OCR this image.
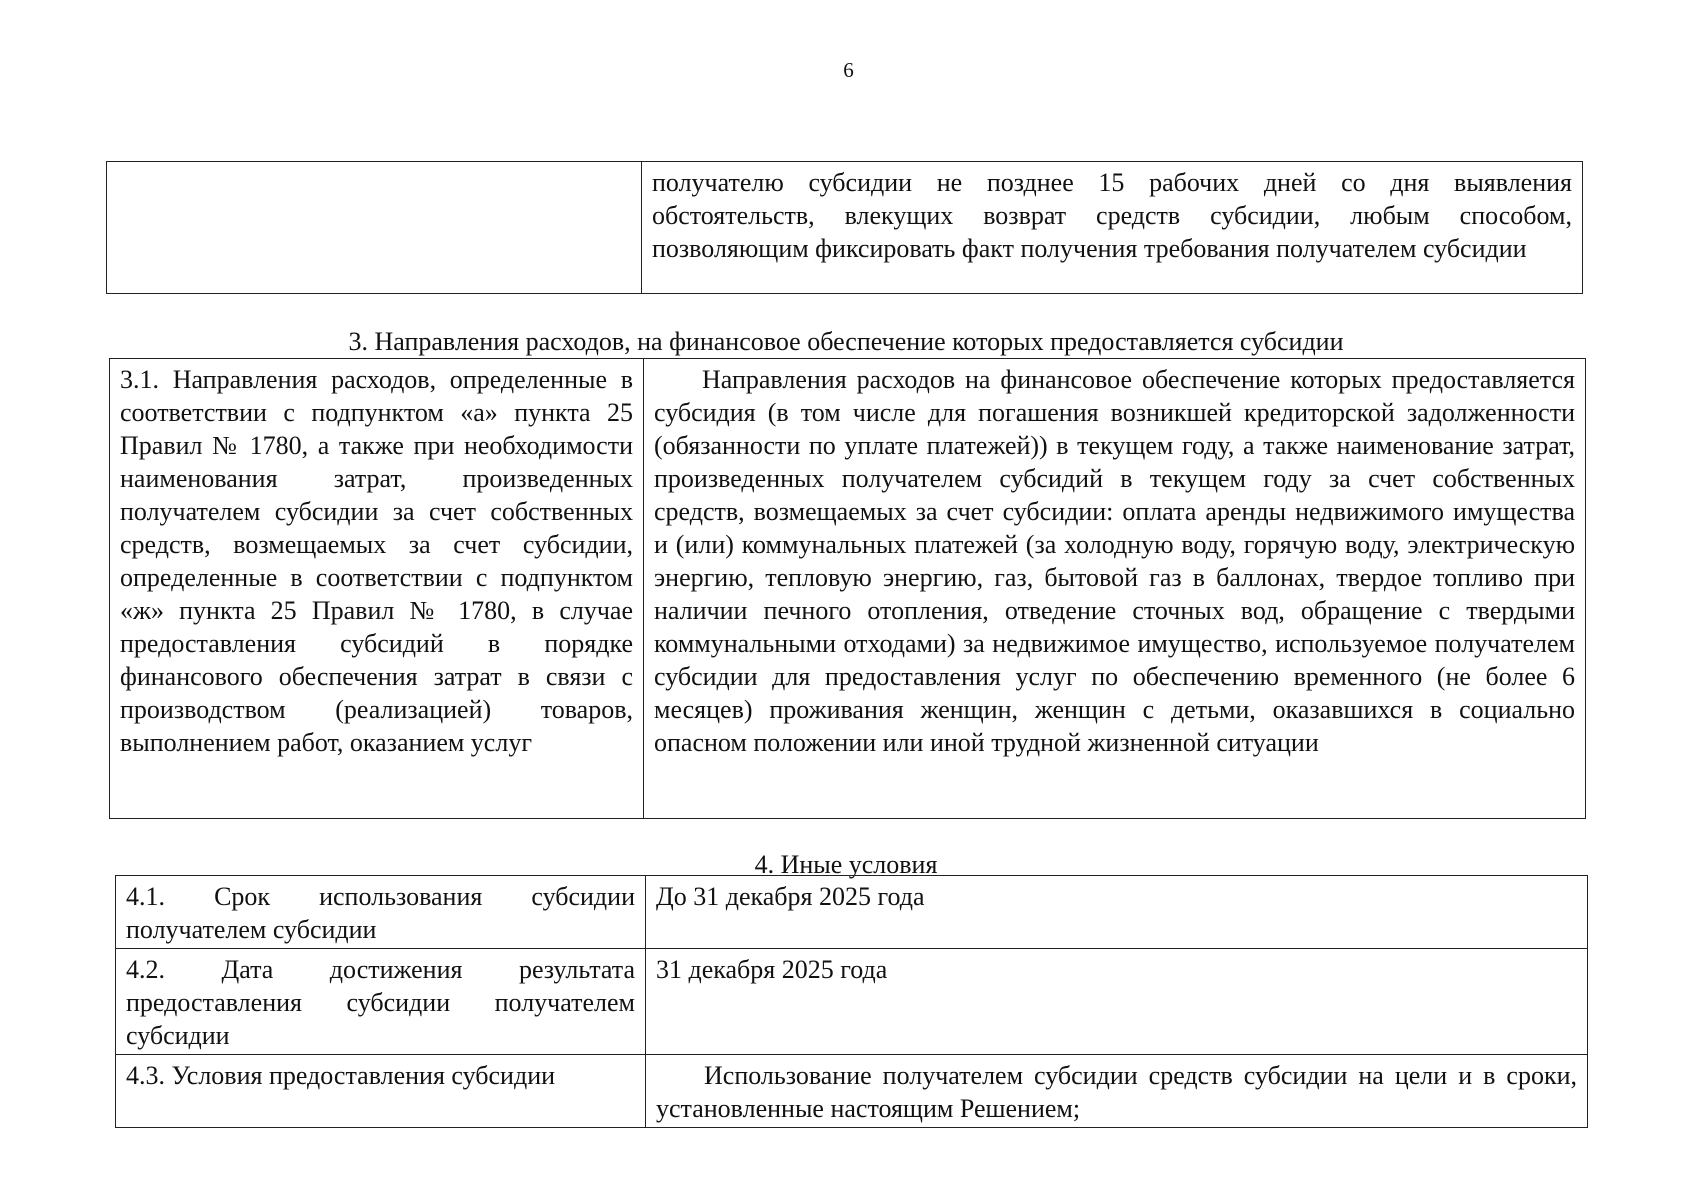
6
	получателю субсидии не позднее 15 рабочих дней со дня выявления обстоятельств, влекущих возврат средств субсидии, любым способом, позволяющим фиксировать факт получения требования получателем субсидии
3. Направления расходов, на финансовое обеспечение которых предоставляется субсидии
3.1. Направления расходов, определенные в соответствии с подпунктом «а» пункта 25 Правил № 1780, а также при необходимости наименования затрат, произведенных получателем субсидии за счет собственных средств, возмещаемых за счет субсидии, определенные в соответствии с подпунктом «ж» пункта 25 Правил № 1780, в случае предоставления субсидий в порядке финансового обеспечения затрат в связи с производством (реализацией) товаров, выполнением работ, оказанием услуг	Направления расходов на финансовое обеспечение которых предоставляется субсидия (в том числе для погашения возникшей кредиторской задолженности (обязанности по уплате платежей)) в текущем году, а также наименование затрат, произведенных получателем субсидий в текущем году за счет собственных средств, возмещаемых за счет субсидии: оплата аренды недвижимого имущества и (или) коммунальных платежей (за холодную воду, горячую воду, электрическую энергию, тепловую энергию, газ, бытовой газ в баллонах, твердое топливо при наличии печного отопления, отведение сточных вод, обращение с твердыми коммунальными отходами) за недвижимое имущество, используемое получателем субсидии для предоставления услуг по обеспечению временного (не более 6 месяцев) проживания женщин, женщин с детьми, оказавшихся в социально опасном положении или иной трудной жизненной ситуации
4. Иные условия
4.1. Срок использования субсидии получателем субсидии	До 31 декабря 2025 года
4.2. Дата достижения результата предоставления субсидии получателем субсидии	31 декабря 2025 года
4.3. Условия предоставления субсидии	Использование получателем субсидии средств субсидии на цели и в сроки, установленные настоящим Решением;
